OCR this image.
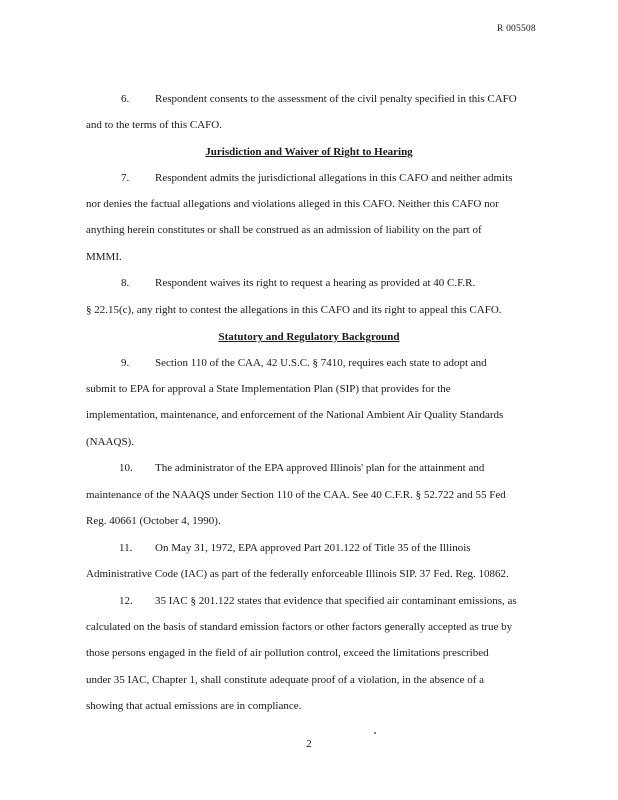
R 005508
6. Respondent consents to the assessment of the civil penalty specified in this CAFO
and to the terms of this CAFO.
Jurisdiction and Waiver of Right to Hearing
7. Respondent admits the jurisdictional allegations in this CAFO and neither admits
nor denies the factual allegations and violations alleged in this CAFO. Neither this CAFO nor
anything herein constitutes or shall be construed as an admission of liability on the part of
MMMI.
8. Respondent waives its right to request a hearing as provided at 40 C.F.R.
§ 22.15(c), any right to contest the allegations in this CAFO and its right to appeal this CAFO.
Statutory and Regulatory Background
9. Section 110 of the CAA, 42 U.S.C. § 7410, requires each state to adopt and
submit to EPA for approval a State Implementation Plan (SIP) that provides for the
implementation, maintenance, and enforcement of the National Ambient Air Quality Standards
(NAAQS).
10. The administrator of the EPA approved Illinois' plan for the attainment and
maintenance of the NAAQS under Section 110 of the CAA. See 40 C.F.R. § 52.722 and 55 Fed
Reg. 40661 (October 4, 1990).
11. On May 31, 1972, EPA approved Part 201.122 of Title 35 of the Illinois
Administrative Code (IAC) as part of the federally enforceable Illinois SIP. 37 Fed. Reg. 10862.
12. 35 IAC § 201.122 states that evidence that specified air contaminant emissions, as
calculated on the basis of standard emission factors or other factors generally accepted as true by
those persons engaged in the field of air pollution control, exceed the limitations prescribed
under 35 IAC, Chapter 1, shall constitute adequate proof of a violation, in the absence of a
showing that actual emissions are in compliance.
2
